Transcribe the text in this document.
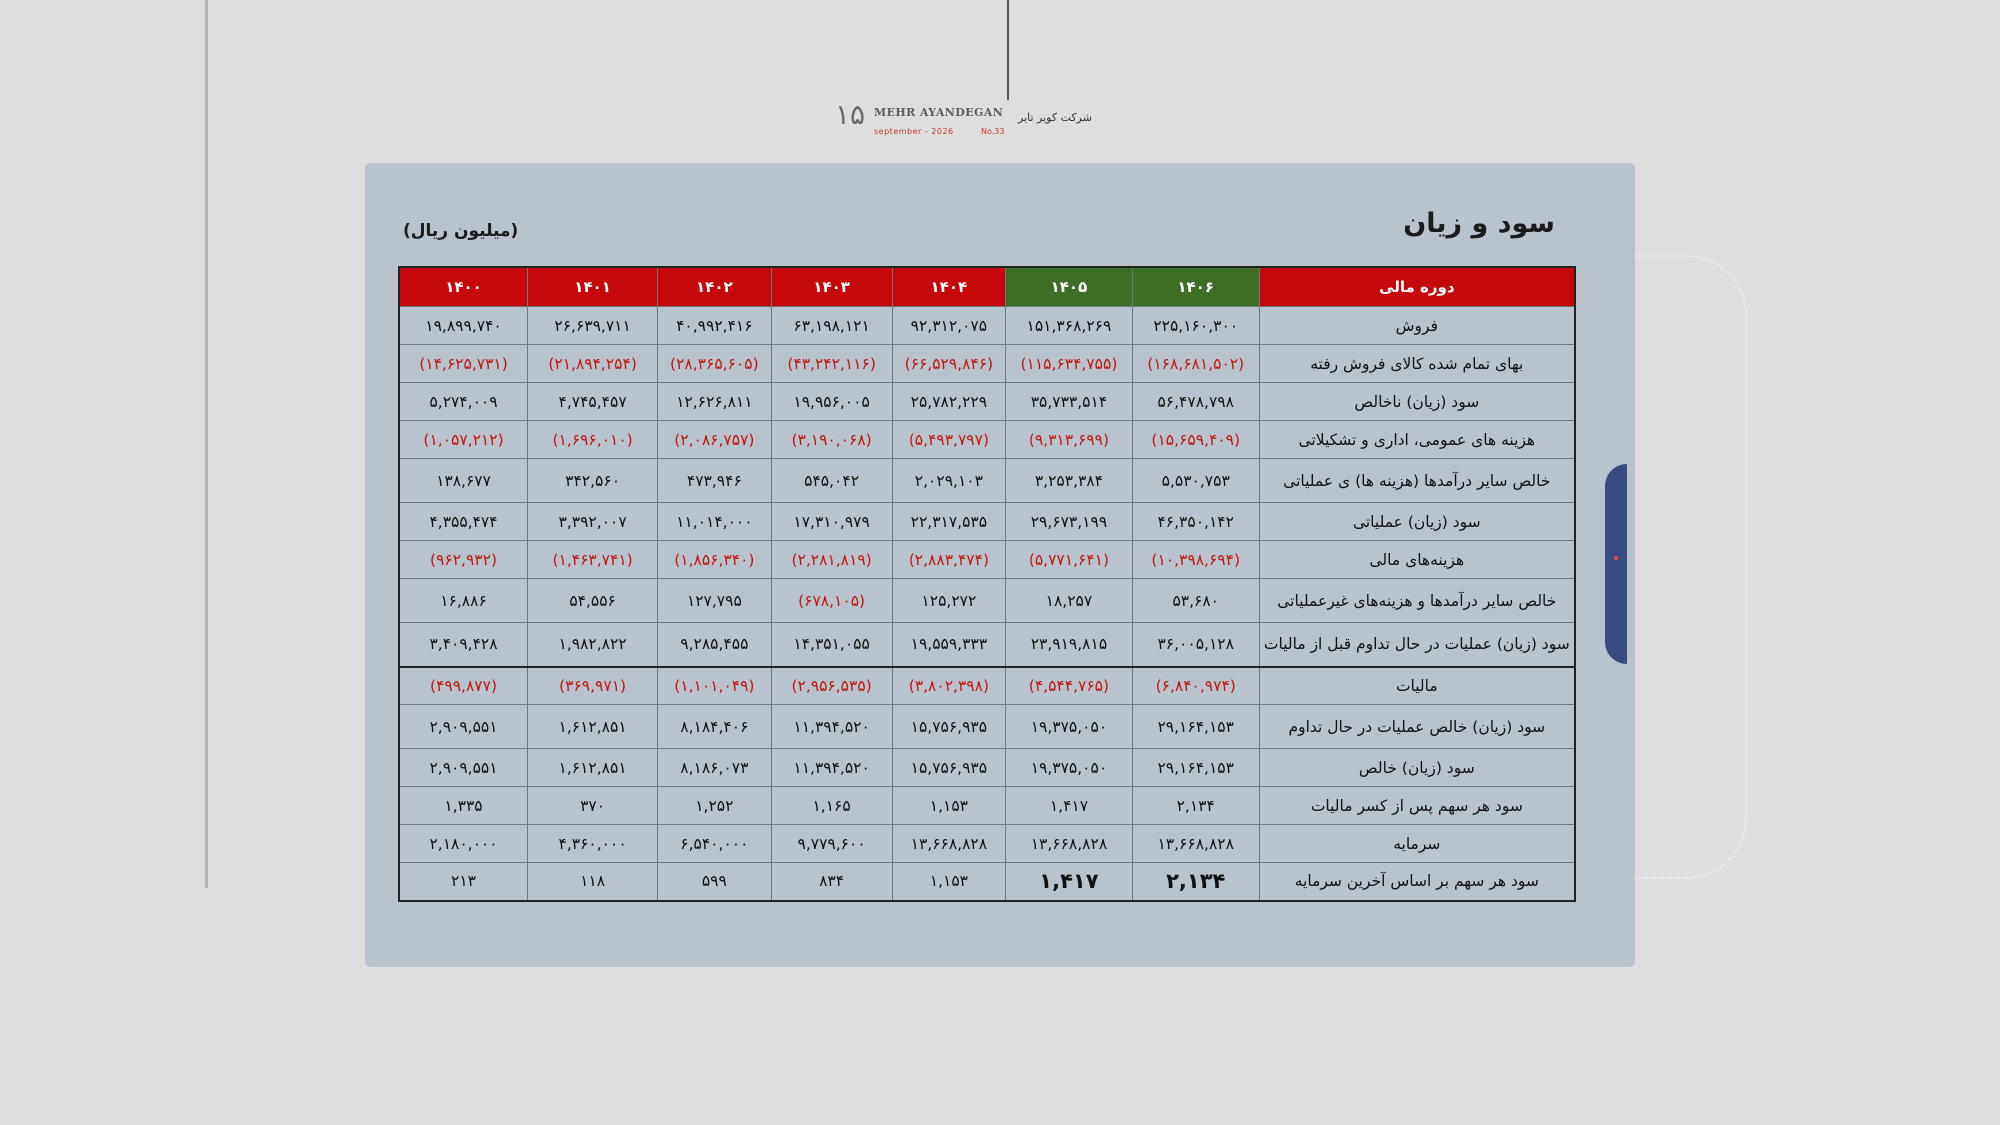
۱۵ MEHR AYANDEGAN
september - 2026	No.33
شرکت کویر تایر
سود و زیان
(میلیون ریال)
دوره مالی	۱۴۰۶	۱۴۰۵	۱۴۰۴	۱۴۰۳	۱۴۰۲	۱۴۰۱	۱۴۰۰
فروش	۲۲۵,۱۶۰,۳۰۰	۱۵۱,۳۶۸,۲۶۹	۹۲,۳۱۲,۰۷۵	۶۳,۱۹۸,۱۲۱	۴۰,۹۹۲,۴۱۶	۲۶,۶۳۹,۷۱۱	۱۹,۸۹۹,۷۴۰
بهای تمام شده کالای فروش رفته	(۱۶۸,۶۸۱,۵۰۲)	(۱۱۵,۶۳۴,۷۵۵)	(۶۶,۵۲۹,۸۴۶)	(۴۳,۲۴۲,۱۱۶)	(۲۸,۳۶۵,۶۰۵)	(۲۱,۸۹۴,۲۵۴)	(۱۴,۶۲۵,۷۳۱)
سود (زیان) ناخالص	۵۶,۴۷۸,۷۹۸	۳۵,۷۳۳,۵۱۴	۲۵,۷۸۲,۲۲۹	۱۹,۹۵۶,۰۰۵	۱۲,۶۲۶,۸۱۱	۴,۷۴۵,۴۵۷	۵,۲۷۴,۰۰۹
هزینه های عمومی، اداری و تشکیلاتی	(۱۵,۶۵۹,۴۰۹)	(۹,۳۱۳,۶۹۹)	(۵,۴۹۳,۷۹۷)	(۳,۱۹۰,۰۶۸)	(۲,۰۸۶,۷۵۷)	(۱,۶۹۶,۰۱۰)	(۱,۰۵۷,۲۱۲)
خالص سایر درآمدها (هزینه ها) ی عملیاتی	۵,۵۳۰,۷۵۳	۳,۲۵۳,۳۸۴	۲,۰۲۹,۱۰۳	۵۴۵,۰۴۲	۴۷۳,۹۴۶	۳۴۲,۵۶۰	۱۳۸,۶۷۷
سود (زیان) عملیاتی	۴۶,۳۵۰,۱۴۲	۲۹,۶۷۳,۱۹۹	۲۲,۳۱۷,۵۳۵	۱۷,۳۱۰,۹۷۹	۱۱,۰۱۴,۰۰۰	۳,۳۹۲,۰۰۷	۴,۳۵۵,۴۷۴
هزینه‌های مالی	(۱۰,۳۹۸,۶۹۴)	(۵,۷۷۱,۶۴۱)	(۲,۸۸۳,۴۷۴)	(۲,۲۸۱,۸۱۹)	(۱,۸۵۶,۳۴۰)	(۱,۴۶۳,۷۴۱)	(۹۶۲,۹۳۲)
خالص سایر درآمدها و هزینه‌های غیرعملیاتی	۵۳,۶۸۰	۱۸,۲۵۷	۱۲۵,۲۷۲	(۶۷۸,۱۰۵)	۱۲۷,۷۹۵	۵۴,۵۵۶	۱۶,۸۸۶
سود (زیان) عملیات در حال تداوم قبل از مالیات	۳۶,۰۰۵,۱۲۸	۲۳,۹۱۹,۸۱۵	۱۹,۵۵۹,۳۳۳	۱۴,۳۵۱,۰۵۵	۹,۲۸۵,۴۵۵	۱,۹۸۲,۸۲۲	۳,۴۰۹,۴۲۸
مالیات	(۶,۸۴۰,۹۷۴)	(۴,۵۴۴,۷۶۵)	(۳,۸۰۲,۳۹۸)	(۲,۹۵۶,۵۳۵)	(۱,۱۰۱,۰۴۹)	(۳۶۹,۹۷۱)	(۴۹۹,۸۷۷)
سود (زیان) خالص عملیات در حال تداوم	۲۹,۱۶۴,۱۵۳	۱۹,۳۷۵,۰۵۰	۱۵,۷۵۶,۹۳۵	۱۱,۳۹۴,۵۲۰	۸,۱۸۴,۴۰۶	۱,۶۱۲,۸۵۱	۲,۹۰۹,۵۵۱
سود (زیان) خالص	۲۹,۱۶۴,۱۵۳	۱۹,۳۷۵,۰۵۰	۱۵,۷۵۶,۹۳۵	۱۱,۳۹۴,۵۲۰	۸,۱۸۶,۰۷۳	۱,۶۱۲,۸۵۱	۲,۹۰۹,۵۵۱
سود هر سهم پس از کسر مالیات	۲,۱۳۴	۱,۴۱۷	۱,۱۵۳	۱,۱۶۵	۱,۲۵۲	۳۷۰	۱,۳۳۵
سرمایه	۱۳,۶۶۸,۸۲۸	۱۳,۶۶۸,۸۲۸	۱۳,۶۶۸,۸۲۸	۹,۷۷۹,۶۰۰	۶,۵۴۰,۰۰۰	۴,۳۶۰,۰۰۰	۲,۱۸۰,۰۰۰
سود هر سهم بر اساس آخرین سرمایه	۲,۱۳۴	۱,۴۱۷	۱,۱۵۳	۸۳۴	۵۹۹	۱۱۸	۲۱۳
